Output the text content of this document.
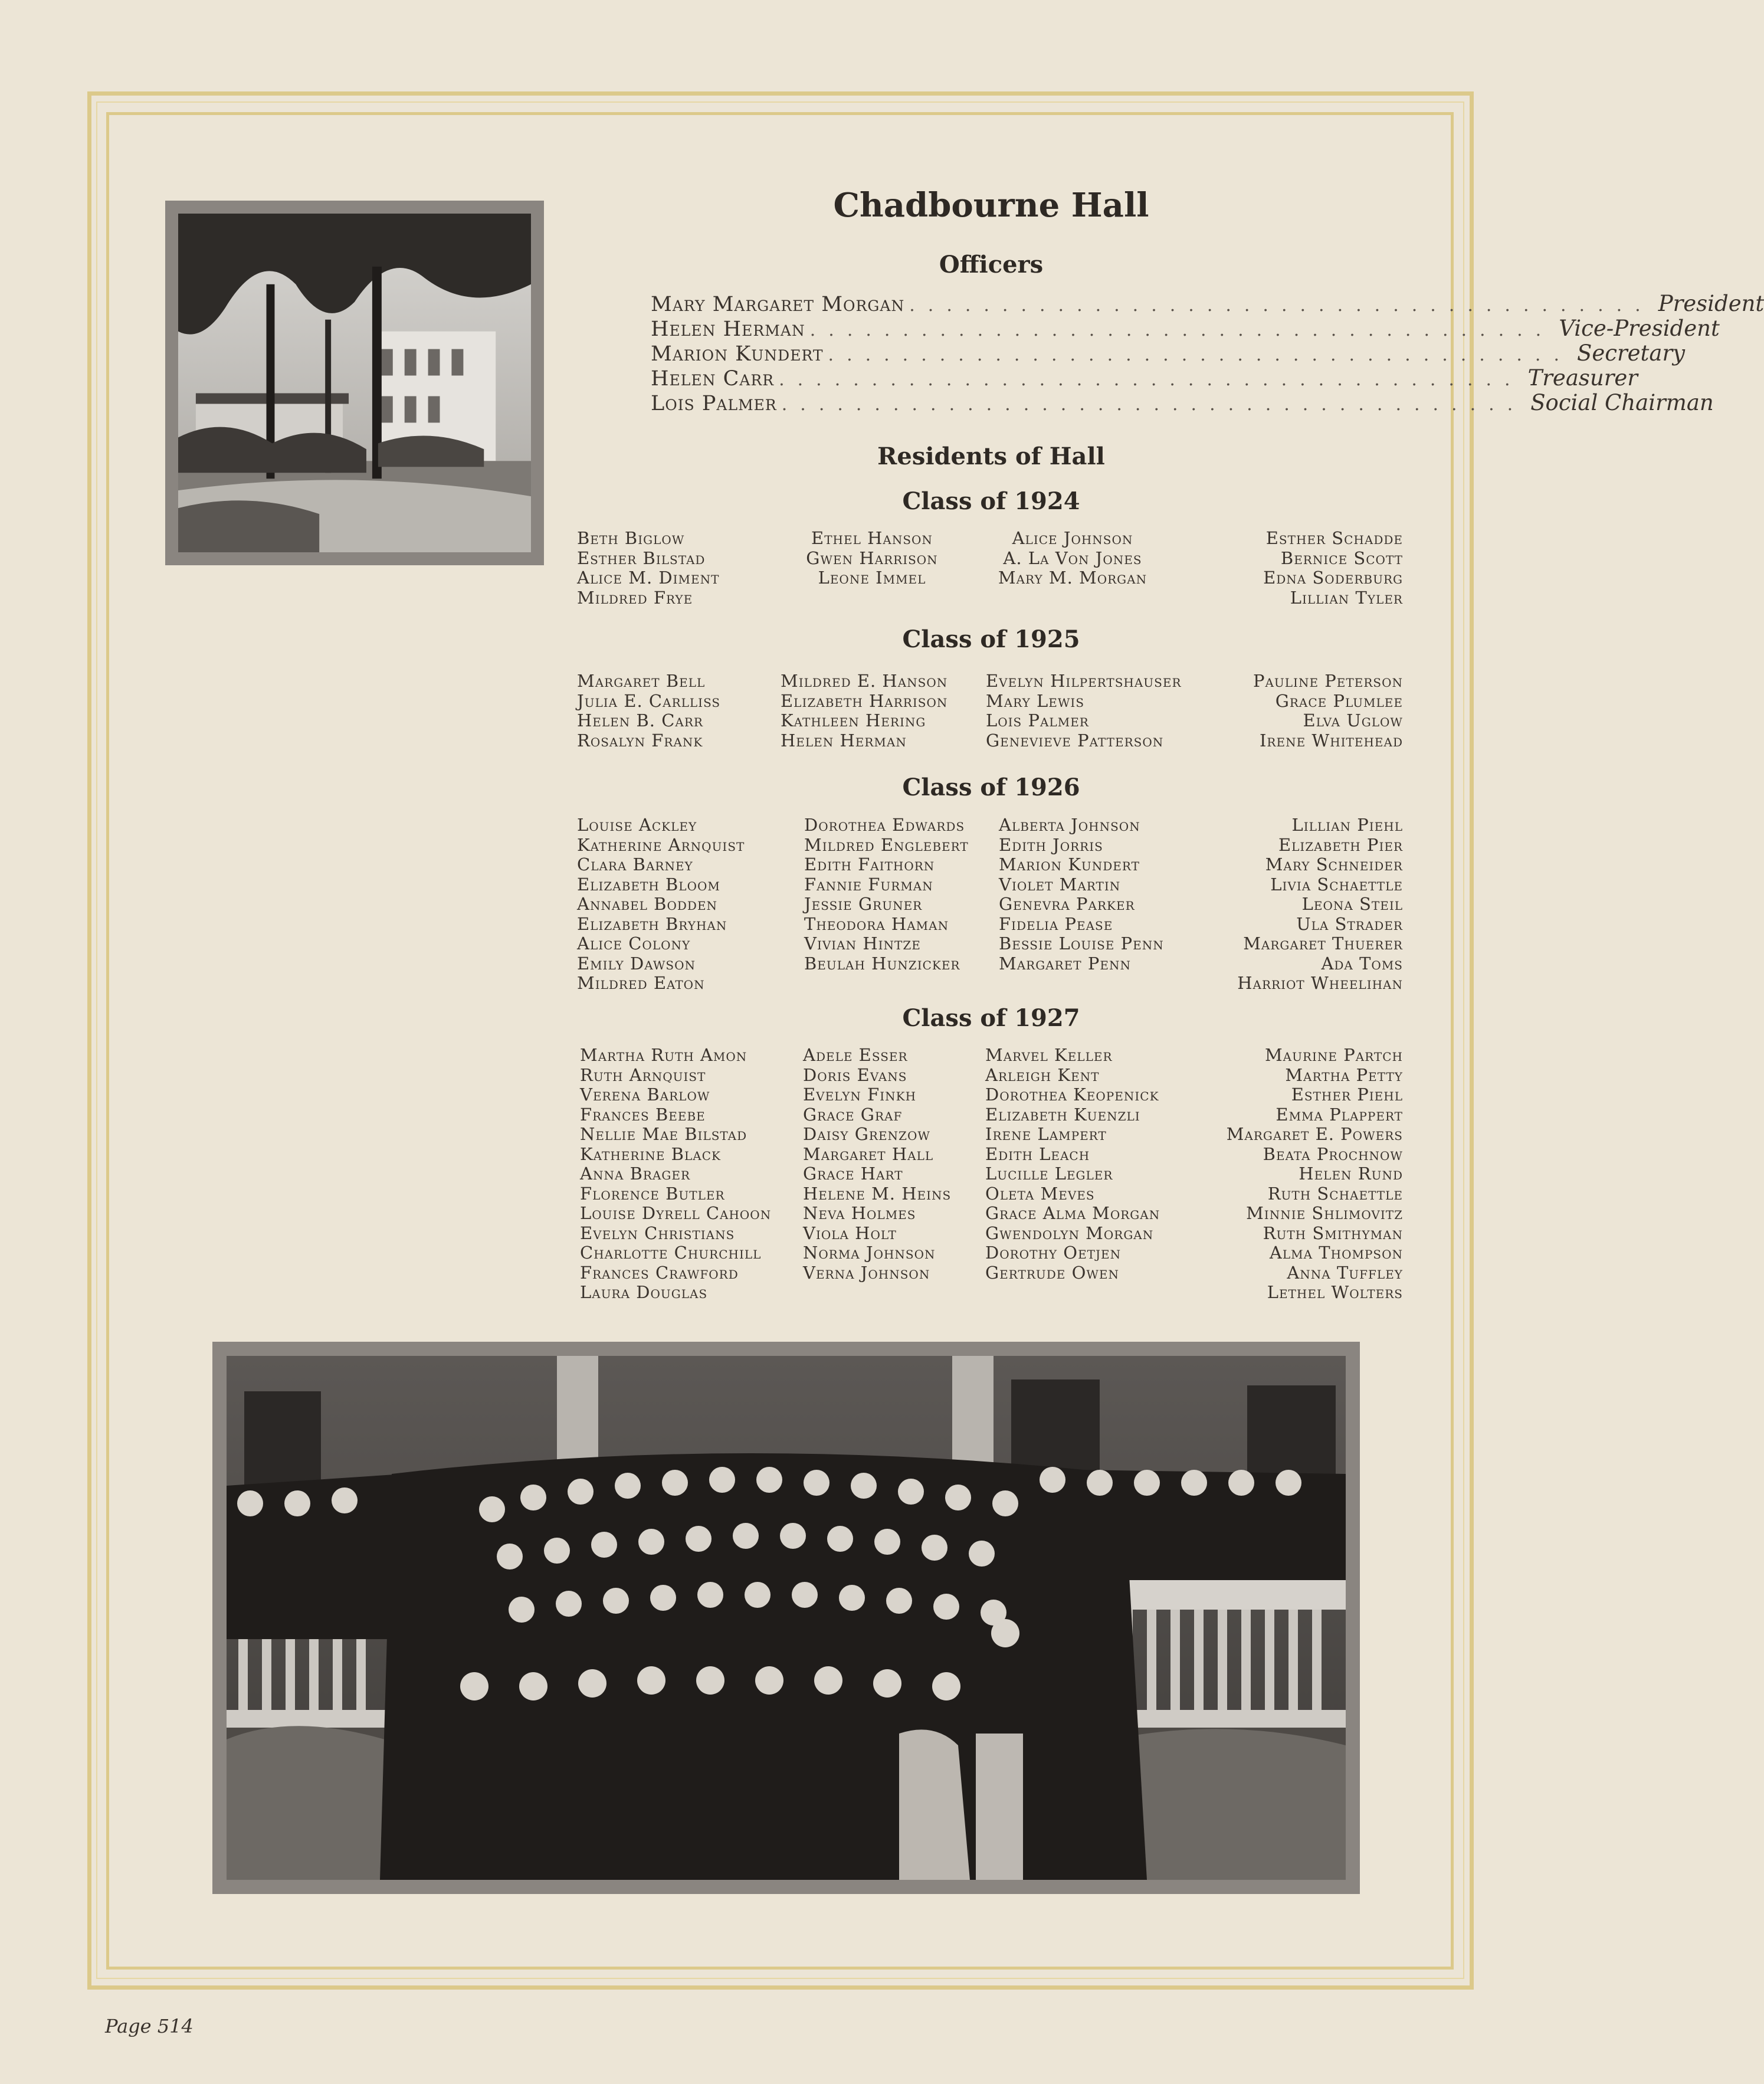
Chadbourne Hall
Officers
Mary Margaret Morgan ........................................ President
Helen Herman ........................................ Vice-President
Marion Kundert ........................................ Secretary
Helen Carr ........................................ Treasurer
Lois Palmer ........................................ Social Chairman
Residents of Hall
Class of 1924
Class of 1925
Class of 1926
Class of 1927
Beth Biglow
Esther Bilstad
Alice M. Diment
Mildred Frye
Ethel Hanson
Gwen Harrison
Leone Immel
Alice Johnson
A. La Von Jones
Mary M. Morgan
Esther Schadde
Bernice Scott
Edna Soderburg
Lillian Tyler
Margaret Bell
Julia E. Carlliss
Helen B. Carr
Rosalyn Frank
Mildred E. Hanson
Elizabeth Harrison
Kathleen Hering
Helen Herman
Evelyn Hilpertshauser
Mary Lewis
Lois Palmer
Genevieve Patterson
Pauline Peterson
Grace Plumlee
Elva Uglow
Irene Whitehead
Louise Ackley
Katherine Arnquist
Clara Barney
Elizabeth Bloom
Annabel Bodden
Elizabeth Bryhan
Alice Colony
Emily Dawson
Mildred Eaton
Dorothea Edwards
Mildred Englebert
Edith Faithorn
Fannie Furman
Jessie Gruner
Theodora Haman
Vivian Hintze
Beulah Hunzicker
Alberta Johnson
Edith Jorris
Marion Kundert
Violet Martin
Genevra Parker
Fidelia Pease
Bessie Louise Penn
Margaret Penn
Lillian Piehl
Elizabeth Pier
Mary Schneider
Livia Schaettle
Leona Steil
Ula Strader
Margaret Thuerer
Ada Toms
Harriot Wheelihan
Martha Ruth Amon
Ruth Arnquist
Verena Barlow
Frances Beebe
Nellie Mae Bilstad
Katherine Black
Anna Brager
Florence Butler
Louise Dyrell Cahoon
Evelyn Christians
Charlotte Churchill
Frances Crawford
Laura Douglas
Adele Esser
Doris Evans
Evelyn Finkh
Grace Graf
Daisy Grenzow
Margaret Hall
Grace Hart
Helene M. Heins
Neva Holmes
Viola Holt
Norma Johnson
Verna Johnson
Marvel Keller
Arleigh Kent
Dorothea Keopenick
Elizabeth Kuenzli
Irene Lampert
Edith Leach
Lucille Legler
Oleta Meves
Grace Alma Morgan
Gwendolyn Morgan
Dorothy Oetjen
Gertrude Owen
Maurine Partch
Martha Petty
Esther Piehl
Emma Plappert
Margaret E. Powers
Beata Prochnow
Helen Rund
Ruth Schaettle
Minnie Shlimovitz
Ruth Smithyman
Alma Thompson
Anna Tuffley
Lethel Wolters
Page 514
